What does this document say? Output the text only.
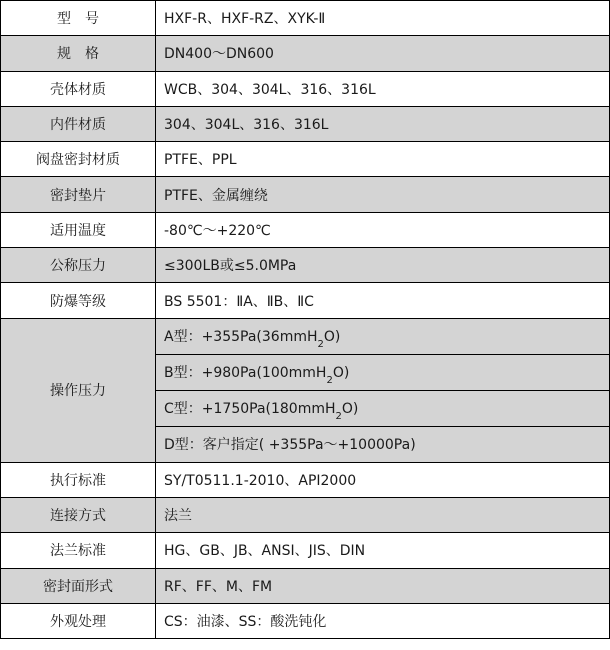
型　号	HXF-R、HXF-RZ、XYK-Ⅱ
规　格	DN400～DN600
壳体材质	WCB、304、304L、316、316L
内件材质	304、304L、316、316L
阀盘密封材质	PTFE、PPL
密封垫片	PTFE、金属缠绕
适用温度	-80℃～+220℃
公称压力	≤300LB或≤5.0MPa
防爆等级	BS 5501：ⅡA、ⅡB、ⅡC
操作压力	A型：+355Pa(36mmH$_2$O)
	B型：+980Pa(100mmH$_2$O)
	C型：+1750Pa(180mmH$_2$O)
	D型：客户指定( +355Pa～+10000Pa)
执行标准	SY/T0511.1-2010、API2000
连接方式	法兰
法兰标准	HG、GB、JB、ANSI、JIS、DIN
密封面形式	RF、FF、M、FM
外观处理	CS：油漆、SS：酸洗钝化
